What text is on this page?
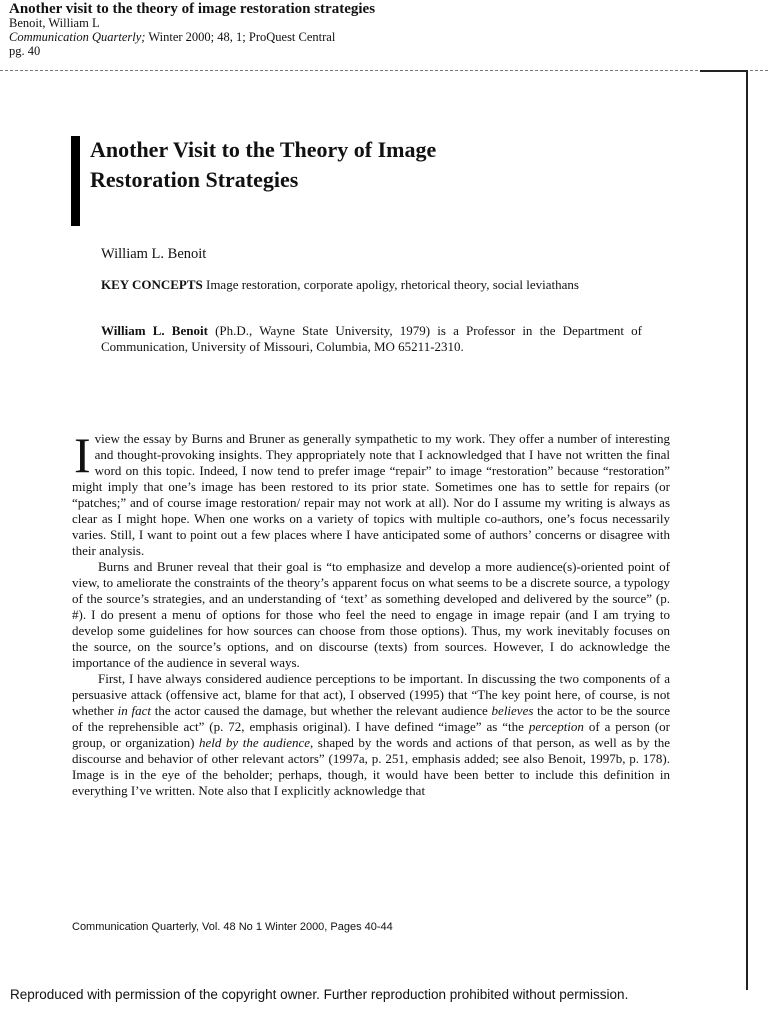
Another visit to the theory of image restoration strategies
Benoit, William L
Communication Quarterly; Winter 2000; 48, 1; ProQuest Central
pg. 40
Another Visit to the Theory of Image
Restoration Strategies
William L. Benoit
KEY CONCEPTS Image restoration, corporate apoligy, rhetorical theory, social leviathans
William L. Benoit (Ph.D., Wayne State University, 1979) is a Professor in the Department of Communication, University of Missouri, Columbia, MO 65211-2310.

I view the essay by Burns and Bruner as generally sympathetic to my work. They offer a number of interesting and thought-provoking insights. They appropriately note that I acknowledged that I have not written the final word on this topic. Indeed, I now tend to prefer image “repair” to image “restoration” because “restoration” might imply that one’s image has been restored to its prior state. Sometimes one has to settle for repairs (or “patches;” and of course image restoration/ repair may not work at all). Nor do I assume my writing is always as clear as I might hope. When one works on a variety of topics with multiple co-authors, one’s focus necessarily varies. Still, I want to point out a few places where I have anticipated some of authors’ concerns or disagree with their analysis.

Burns and Bruner reveal that their goal is “to emphasize and develop a more audience(s)-oriented point of view, to ameliorate the constraints of the theory’s apparent focus on what seems to be a discrete source, a typology of the source’s strategies, and an understanding of ‘text’ as something developed and delivered by the source” (p. #). I do present a menu of options for those who feel the need to engage in image repair (and I am trying to develop some guidelines for how sources can choose from those options). Thus, my work inevitably focuses on the source, on the source’s options, and on discourse (texts) from sources. However, I do acknowledge the importance of the audience in several ways.

First, I have always considered audience perceptions to be important. In discussing the two components of a persuasive attack (offensive act, blame for that act), I observed (1995) that “The key point here, of course, is not whether in fact the actor caused the damage, but whether the relevant audience believes the actor to be the source of the reprehensible act” (p. 72, emphasis original). I have defined “image” as “the perception of a person (or group, or organization) held by the audience, shaped by the words and actions of that person, as well as by the discourse and behavior of other relevant actors” (1997a, p. 251, emphasis added; see also Benoit, 1997b, p. 178). Image is in the eye of the beholder; perhaps, though, it would have been better to include this definition in everything I’ve written. Note also that I explicitly acknowledge that

Communication Quarterly, Vol. 48 No 1 Winter 2000, Pages 40-44
Reproduced with permission of the copyright owner. Further reproduction prohibited without permission.
